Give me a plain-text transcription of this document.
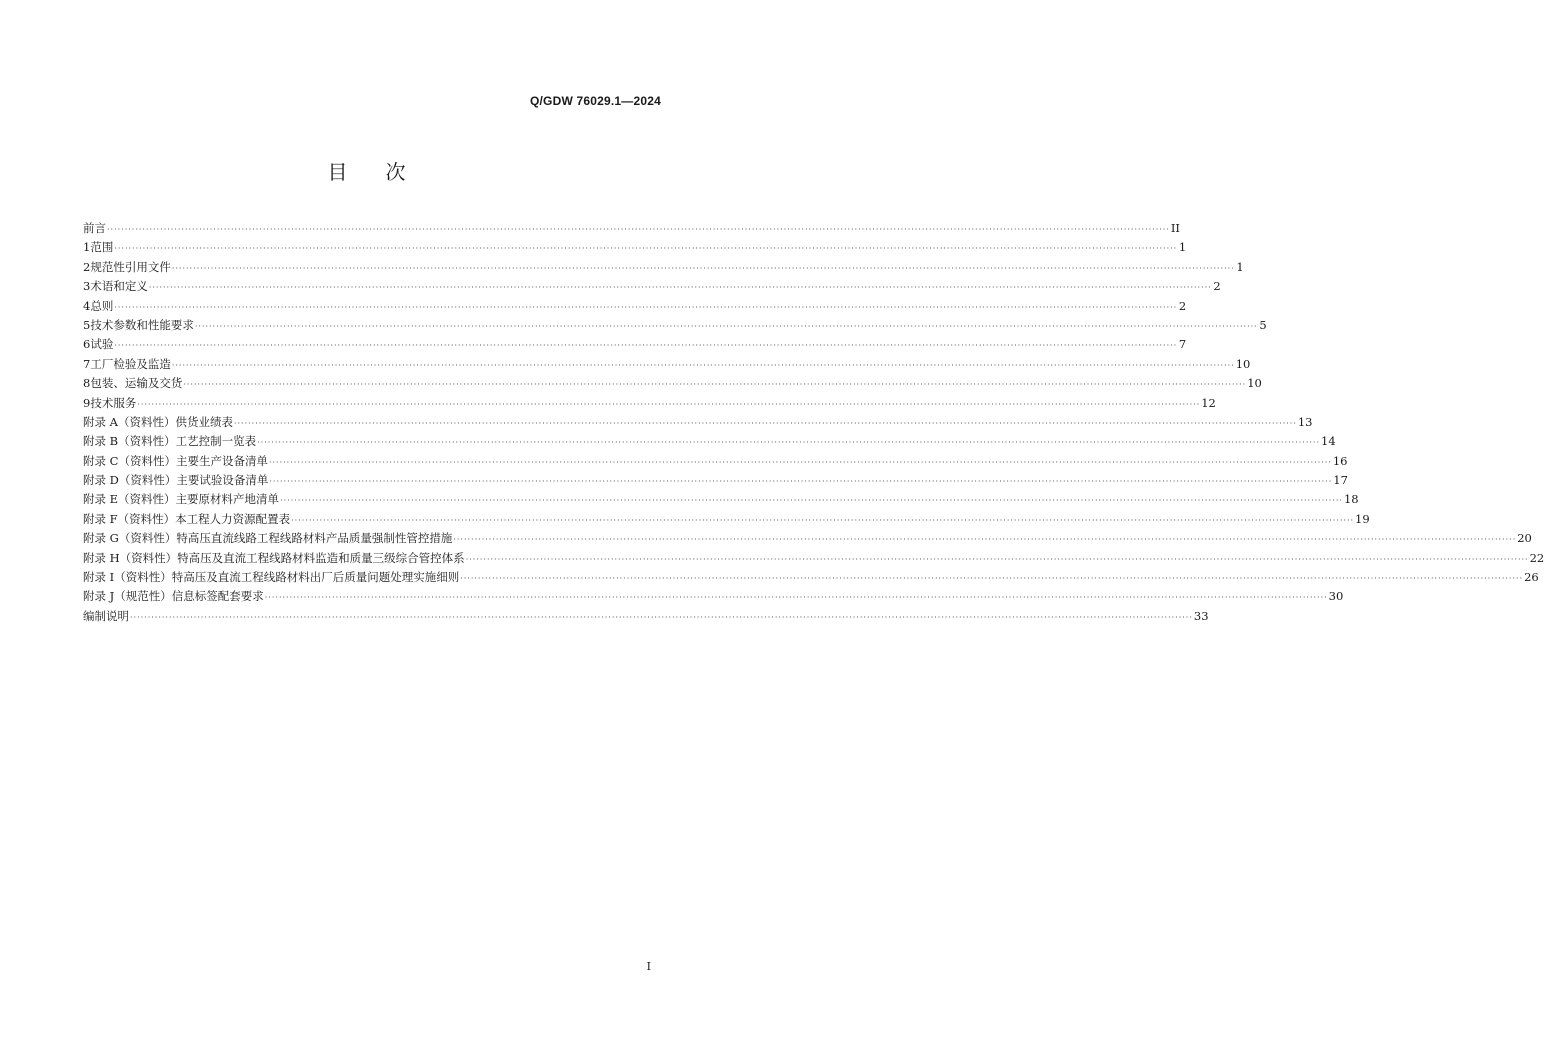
Q/GDW 76029.1—2024
目次
前言 ············································································································································································································································································································ II
1 范围 ············································································································································································································································································································ 1
2 规范性引用文件 ············································································································································································································································································································ 1
3 术语和定义 ············································································································································································································································································································ 2
4 总则 ············································································································································································································································································································ 2
5 技术参数和性能要求 ············································································································································································································································································································ 5
6 试验 ············································································································································································································································································································ 7
7 工厂检验及监造 ············································································································································································································································································································ 10
8 包装、运输及交货 ············································································································································································································································································································ 10
9 技术服务 ············································································································································································································································································································ 12
附录 A（资料性） 供货业绩表 ············································································································································································································································································································ 13
附录 B（资料性） 工艺控制一览表 ············································································································································································································································································································ 14
附录 C（资料性） 主要生产设备清单 ············································································································································································································································································································ 16
附录 D（资料性） 主要试验设备清单 ············································································································································································································································································································ 17
附录 E（资料性） 主要原材料产地清单 ············································································································································································································································································································ 18
附录 F（资料性） 本工程人力资源配置表 ············································································································································································································································································································ 19
附录 G（资料性） 特高压直流线路工程线路材料产品质量强制性管控措施 ············································································································································································································································································································ 20
附录 H（资料性） 特高压及直流工程线路材料监造和质量三级综合管控体系 ············································································································································································································································································································ 22
附录 I（资料性） 特高压及直流工程线路材料出厂后质量问题处理实施细则 ············································································································································································································································································································ 26
附录 J（规范性） 信息标签配套要求 ············································································································································································································································································································ 30
编制说明 ············································································································································································································································································································ 33
I
